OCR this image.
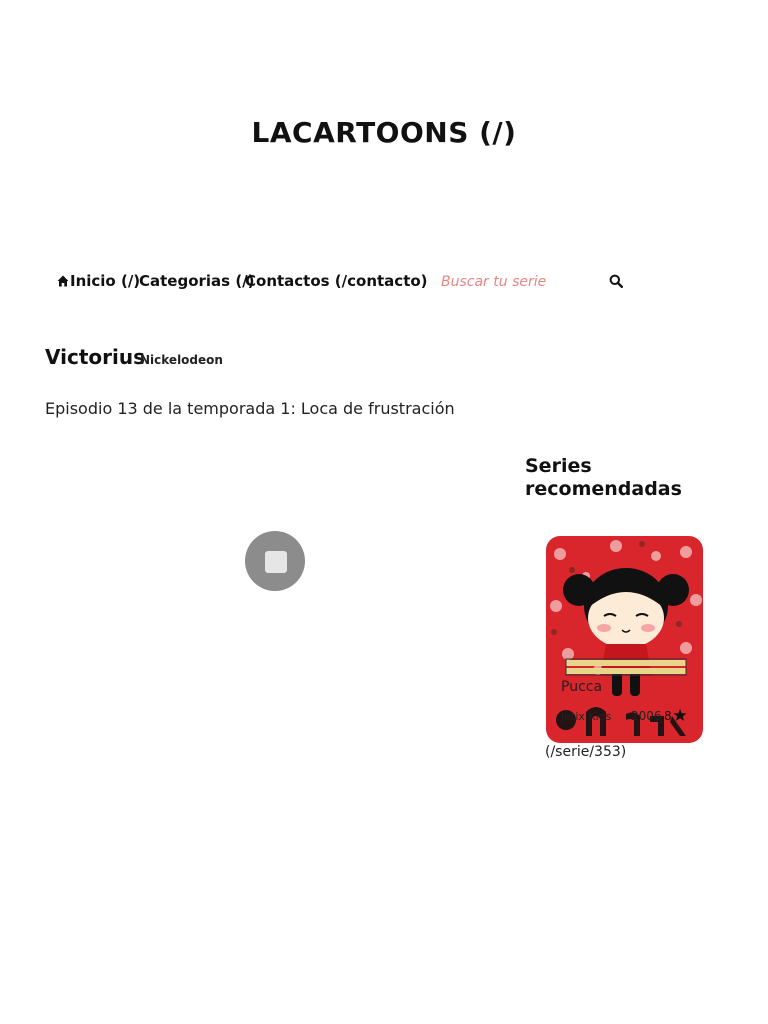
LACARTOONS (/)
Inicio (/)
Categorias (/)
Contactos (/contacto)
Buscar tu serie
Victorius
Nickelodeon
Episodio 13 de la temporada 1: Loca de frustración
Series recomendadas
Pucca
Jetix Kids 2006 8
(/serie/353)
